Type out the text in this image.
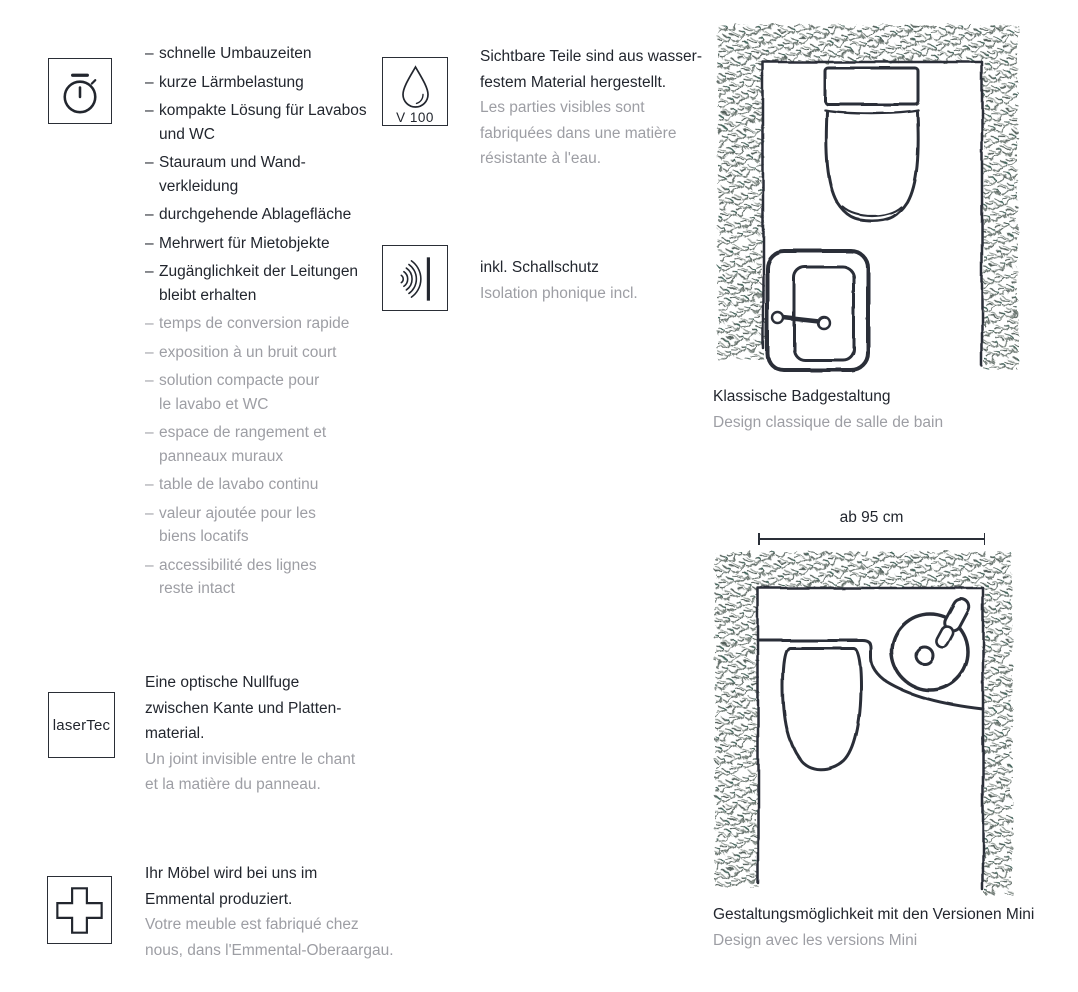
– schnelle Umbauzeiten
– kurze Lärmbelastung
– kompakte Lösung für Lavabos
und WC
– Stauraum und Wand-
verkleidung
– durchgehende Ablagefläche
– Mehrwert für Mietobjekte
– Zugänglichkeit der Leitungen
bleibt erhalten
– temps de conversion rapide
– exposition à un bruit court
– solution compacte pour
le lavabo et WC
– espace de rangement et
panneaux muraux
– table de lavabo continu
– valeur ajoutée pour les
biens locatifs
– accessibilité des lignes
reste intact
laserTec
Eine optische Nullfuge
zwischen Kante und Platten-
material.
Un joint invisible entre le chant
et la matière du panneau.
Ihr Möbel wird bei uns im
Emmental produziert.
Votre meuble est fabriqué chez
nous, dans l'Emmental-Oberaargau.
V 100
Sichtbare Teile sind aus wasser-
festem Material hergestellt.
Les parties visibles sont
fabriquées dans une matière
résistante à l'eau.
inkl. Schallschutz
Isolation phonique incl.
Klassische Badgestaltung
Design classique de salle de bain
ab 95 cm
Gestaltungsmöglichkeit mit den Versionen Mini
Design avec les versions Mini
